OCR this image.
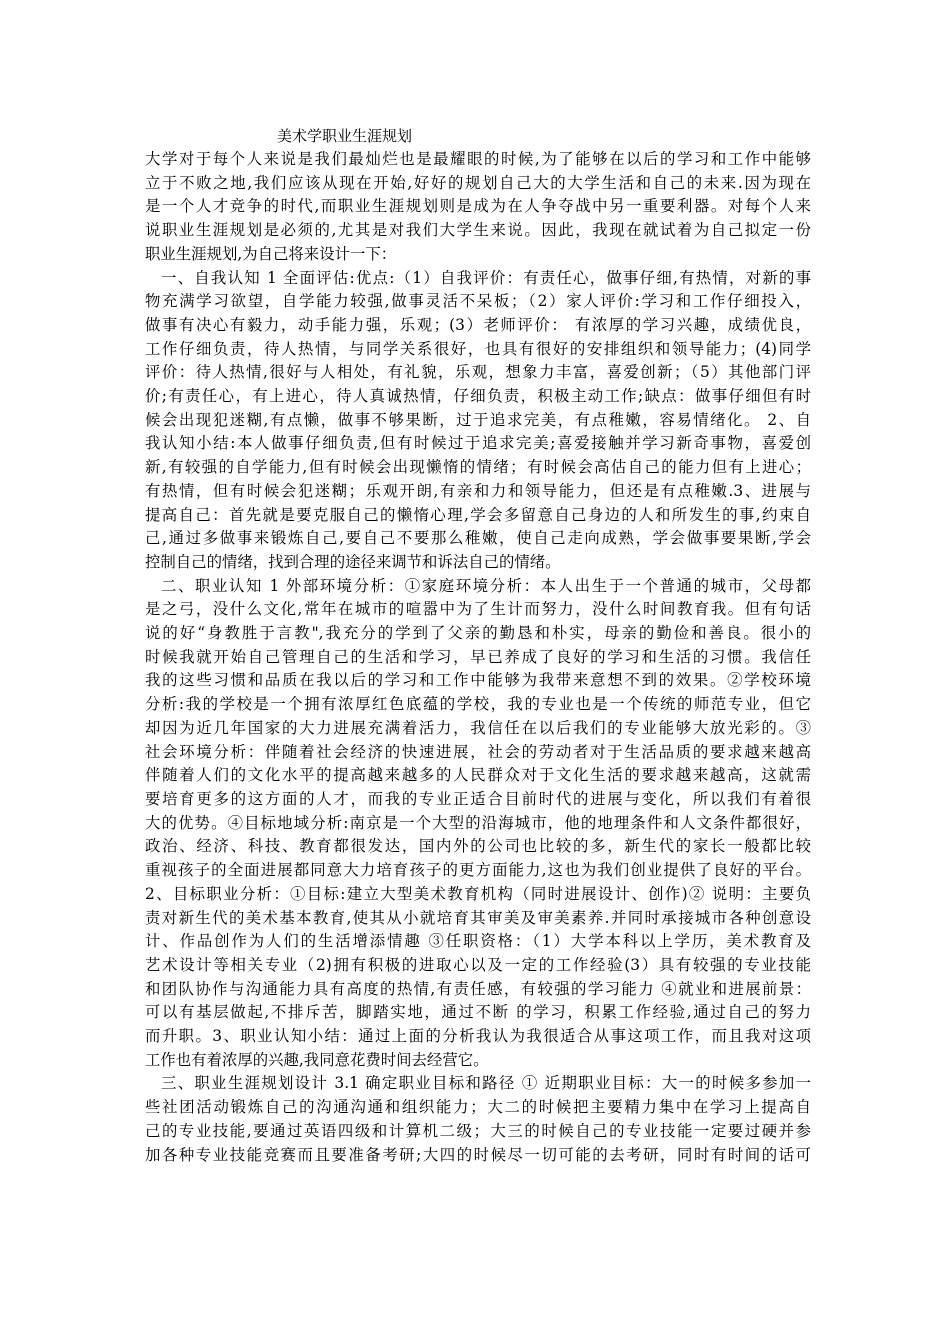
美术学职业生涯规划
大学对于每个人来说是我们最灿烂也是最耀眼的时候,为了能够在以后的学习和工作中能够
立于不败之地,我们应该从现在开始,好好的规划自己大的大学生活和自己的未来.因为现在
是一个人才竞争的时代,而职业生涯规划则是成为在人争夺战中另一重要利器。对每个人来
说职业生涯规划是必须的,尤其是对我们大学生来说。因此，我现在就试着为自己拟定一份
职业生涯规划,为自己将来设计一下：
一、自我认知 1 全面评估:优点:（1）自我评价：有责任心，做事仔细,有热情，对新的事
物充满学习欲望，自学能力较强,做事灵活不呆板；（2）家人评价:学习和工作仔细投入，
做事有决心有毅力，动手能力强，乐观；(3）老师评价： 有浓厚的学习兴趣，成绩优良，
工作仔细负责，待人热情，与同学关系很好，也具有很好的安排组织和领导能力；(4)同学
评价：待人热情,很好与人相处，有礼貌，乐观，想象力丰富，喜爱创新；（5）其他部门评
价;有责任心，有上进心，待人真诚热情，仔细负责，积极主动工作;缺点：做事仔细但有时
候会出现犯迷糊,有点懒，做事不够果断，过于追求完美，有点稚嫩，容易情绪化。 2、自
我认知小结:本人做事仔细负责,但有时候过于追求完美;喜爱接触并学习新奇事物，喜爱创
新,有较强的自学能力,但有时候会出现懒惰的情绪；有时候会高估自己的能力但有上进心；
有热情，但有时候会犯迷糊；乐观开朗,有亲和力和领导能力，但还是有点稚嫩.3、进展与
提高自己：首先就是要克服自己的懒惰心理,学会多留意自己身边的人和所发生的事,约束自
己,通过多做事来锻炼自己,要自己不要那么稚嫩，使自己走向成熟，学会做事要果断,学会
控制自己的情绪，找到合理的途径来调节和诉法自己的情绪。
二、职业认知 1 外部环境分析：①家庭环境分析：本人出生于一个普通的城市，父母都
是之弓，没什么文化,常年在城市的喧嚣中为了生计而努力，没什么时间教育我。但有句话
说的好“身教胜于言教",我充分的学到了父亲的勤恳和朴实，母亲的勤俭和善良。很小的
时候我就开始自己管理自己的生活和学习，早已养成了良好的学习和生活的习惯。我信任
我的这些习惯和品质在我以后的学习和工作中能够为我带来意想不到的效果。②学校环境
分析:我的学校是一个拥有浓厚红色底蕴的学校，我的专业也是一个传统的师范专业，但它
却因为近几年国家的大力进展充满着活力，我信任在以后我们的专业能够大放光彩的。③
社会环境分析：伴随着社会经济的快速进展，社会的劳动者对于生活品质的要求越来越高
伴随着人们的文化水平的提高越来越多的人民群众对于文化生活的要求越来越高，这就需
要培育更多的这方面的人才，而我的专业正适合目前时代的进展与变化，所以我们有着很
大的优势。④目标地域分析:南京是一个大型的沿海城市，他的地理条件和人文条件都很好，
政治、经济、科技、教育都很发达，国内外的公司也比较的多，新生代的家长一般都比较
重视孩子的全面进展都同意大力培育孩子的更方面能力,这也为我们创业提供了良好的平台。
2、目标职业分析：①目标:建立大型美术教育机构（同时进展设计、创作)② 说明：主要负
责对新生代的美术基本教育,使其从小就培育其审美及审美素养.并同时承接城市各种创意设
计、作品创作为人们的生活增添情趣 ③任职资格：（1）大学本科以上学历，美术教育及
艺术设计等相关专业（2)拥有积极的进取心以及一定的工作经验(3）具有较强的专业技能
和团队协作与沟通能力具有高度的热情,有责任感，有较强的学习能力 ④就业和进展前景：
可以有基层做起,不排斥苦，脚踏实地，通过不断 的学习，积累工作经验,通过自己的努力
而升职。3、职业认知小结：通过上面的分析我认为我很适合从事这项工作，而且我对这项
工作也有着浓厚的兴趣,我同意花费时间去经营它。
三、职业生涯规划设计 3.1 确定职业目标和路径 ① 近期职业目标：大一的时候多参加一
些社团活动锻炼自己的沟通沟通和组织能力；大二的时候把主要精力集中在学习上提高自
己的专业技能,要通过英语四级和计算机二级；大三的时候自己的专业技能一定要过硬并参
加各种专业技能竞赛而且要准备考研;大四的时候尽一切可能的去考研，同时有时间的话可
